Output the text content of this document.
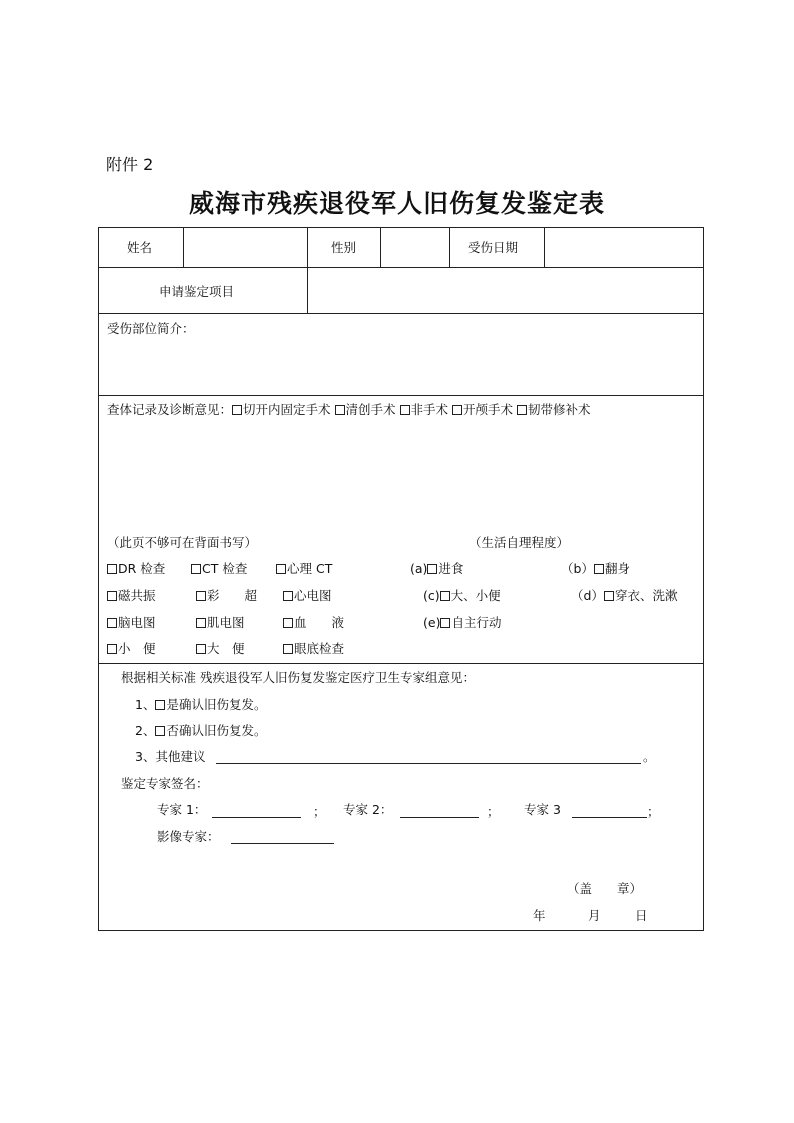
附件 2
威海市残疾退役军人旧伤复发鉴定表
姓名	性别	受伤日期
申请鉴定项目
受伤部位简介：
查体记录及诊断意见： 切开内固定手术 清创手术 非手术 开颅手术 韧带修补术
（此页不够可在背面书写）	（生活自理程度）
DR 检查	CT 检查	心理 CT
磁共振	彩　　超	心电图
脑电图	肌电图	血　　液
小　便	大　便	眼底检查
(a) 进食	（b） 翻身
(c) 大、小便	（d） 穿衣、洗漱
(e) 自主行动
根据相关标准 残疾退役军人旧伤复发鉴定医疗卫生专家组意见：
1、 是确认旧伤复发。
2、 否确认旧伤复发。
3、其他建议	。
鉴定专家签名：
专家 1：	； 专家 2：	； 专家 3	；
影像专家：
（盖　　章）
年	月	日
